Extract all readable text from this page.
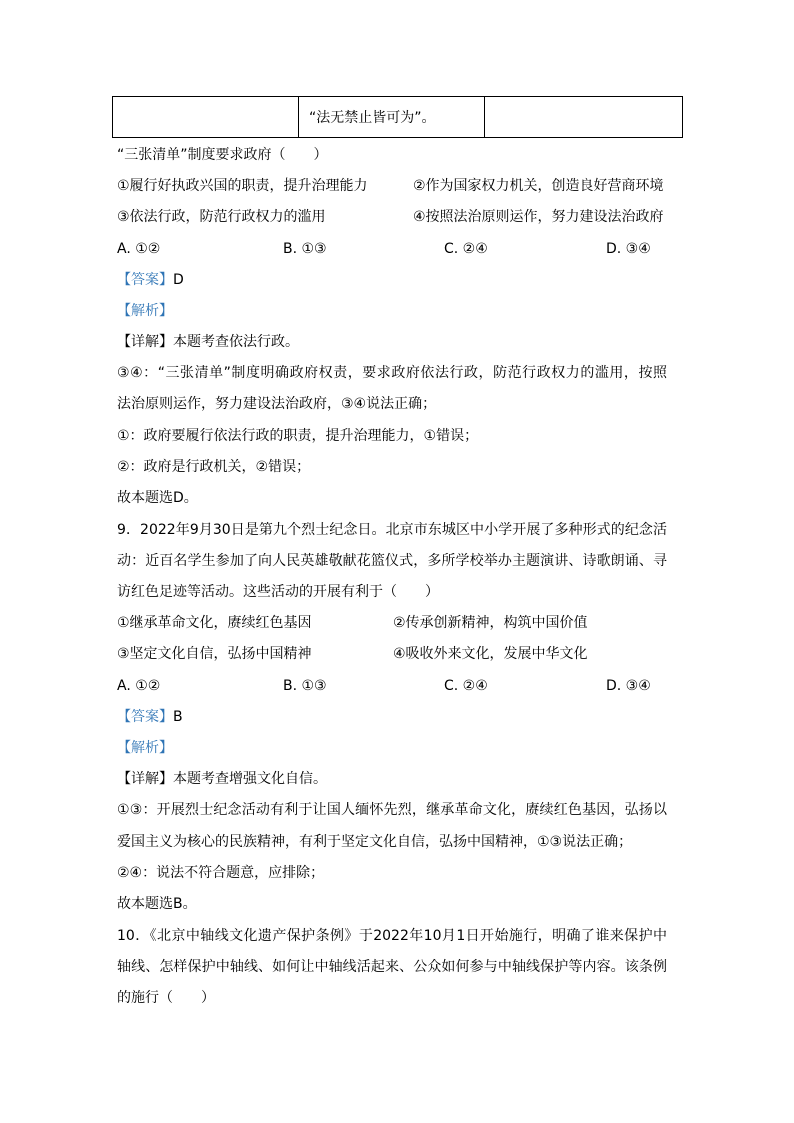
“法无禁止皆可为”。
“三张清单”制度要求政府（　　）
①履行好执政兴国的职责，提升治理能力	②作为国家权力机关，创造良好营商环境
③依法行政，防范行政权力的滥用	④按照法治原则运作，努力建设法治政府
A. ①②	B. ①③	C. ②④	D. ③④
【答案】D
【解析】
【详解】本题考查依法行政。
③④：“三张清单”制度明确政府权责，要求政府依法行政，防范行政权力的滥用，按照
法治原则运作，努力建设法治政府，③④说法正确；
①：政府要履行依法行政的职责，提升治理能力，①错误；
②：政府是行政机关，②错误；
故本题选D。
9．2022年9月30日是第九个烈士纪念日。北京市东城区中小学开展了多种形式的纪念活
动：近百名学生参加了向人民英雄敬献花篮仪式，多所学校举办主题演讲、诗歌朗诵、寻
访红色足迹等活动。这些活动的开展有利于（　　）
①继承革命文化，赓续红色基因	②传承创新精神，构筑中国价值
③坚定文化自信，弘扬中国精神	④吸收外来文化，发展中华文化
A. ①②	B. ①③	C. ②④	D. ③④
【答案】B
【解析】
【详解】本题考查增强文化自信。
①③：开展烈士纪念活动有利于让国人缅怀先烈，继承革命文化，赓续红色基因，弘扬以
爱国主义为核心的民族精神，有利于坚定文化自信，弘扬中国精神，①③说法正确；
②④：说法不符合题意，应排除；
故本题选B。
10．《北京中轴线文化遗产保护条例》于2022年10月1日开始施行，明确了谁来保护中
轴线、怎样保护中轴线、如何让中轴线活起来、公众如何参与中轴线保护等内容。该条例
的施行（　　）
